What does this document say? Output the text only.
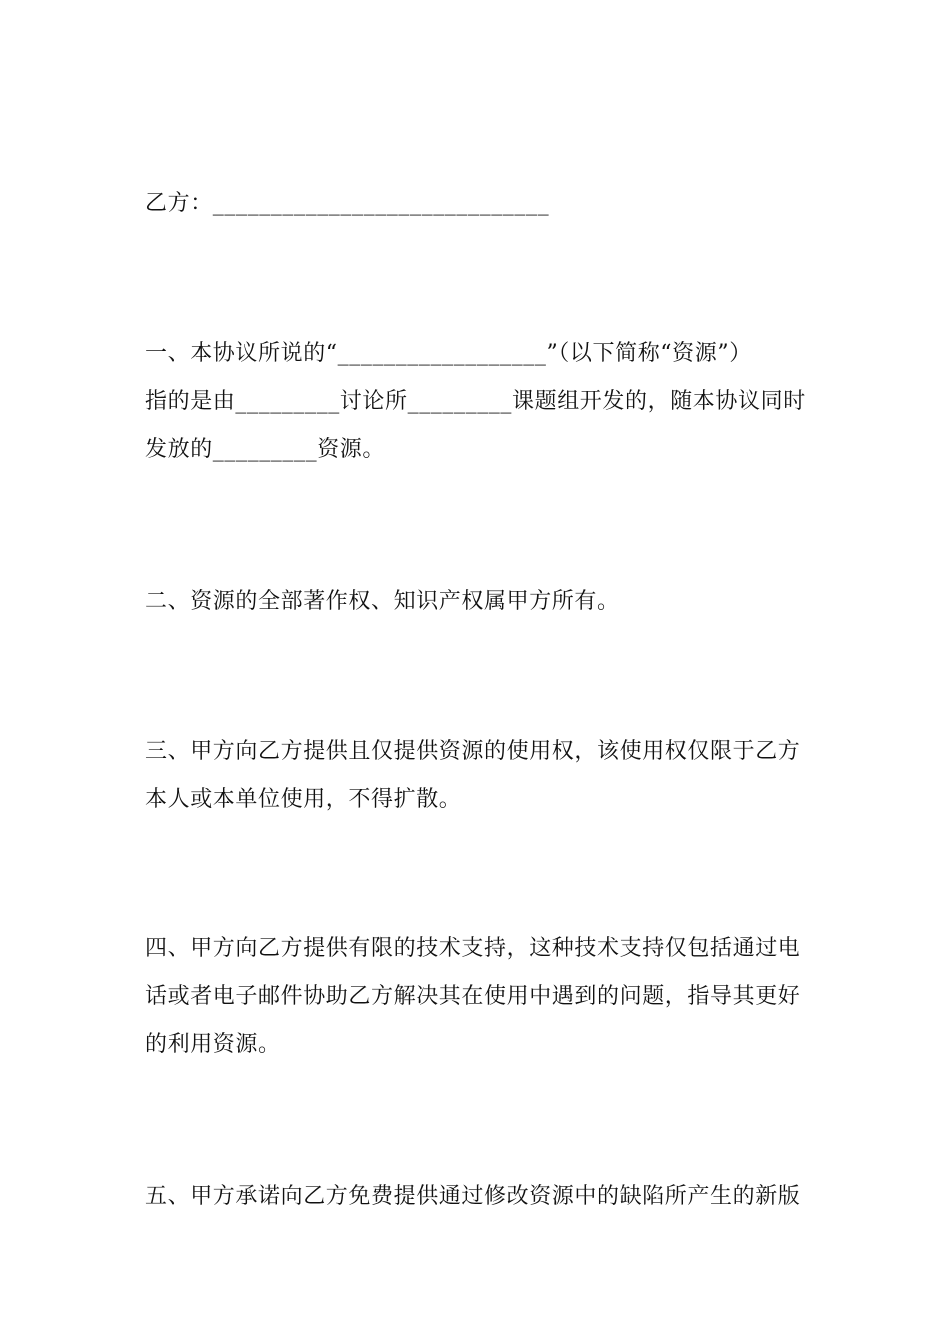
乙方：_____________________________
一、本协议所说的“__________________”（以下简称“资源”）
指的是由_________讨论所_________课题组开发的，随本协议同时
发放的_________资源。
二、资源的全部著作权、知识产权属甲方所有。
三、甲方向乙方提供且仅提供资源的使用权，该使用权仅限于乙方
本人或本单位使用，不得扩散。
四、甲方向乙方提供有限的技术支持，这种技术支持仅包括通过电
话或者电子邮件协助乙方解决其在使用中遇到的问题，指导其更好
的利用资源。
五、甲方承诺向乙方免费提供通过修改资源中的缺陷所产生的新版
